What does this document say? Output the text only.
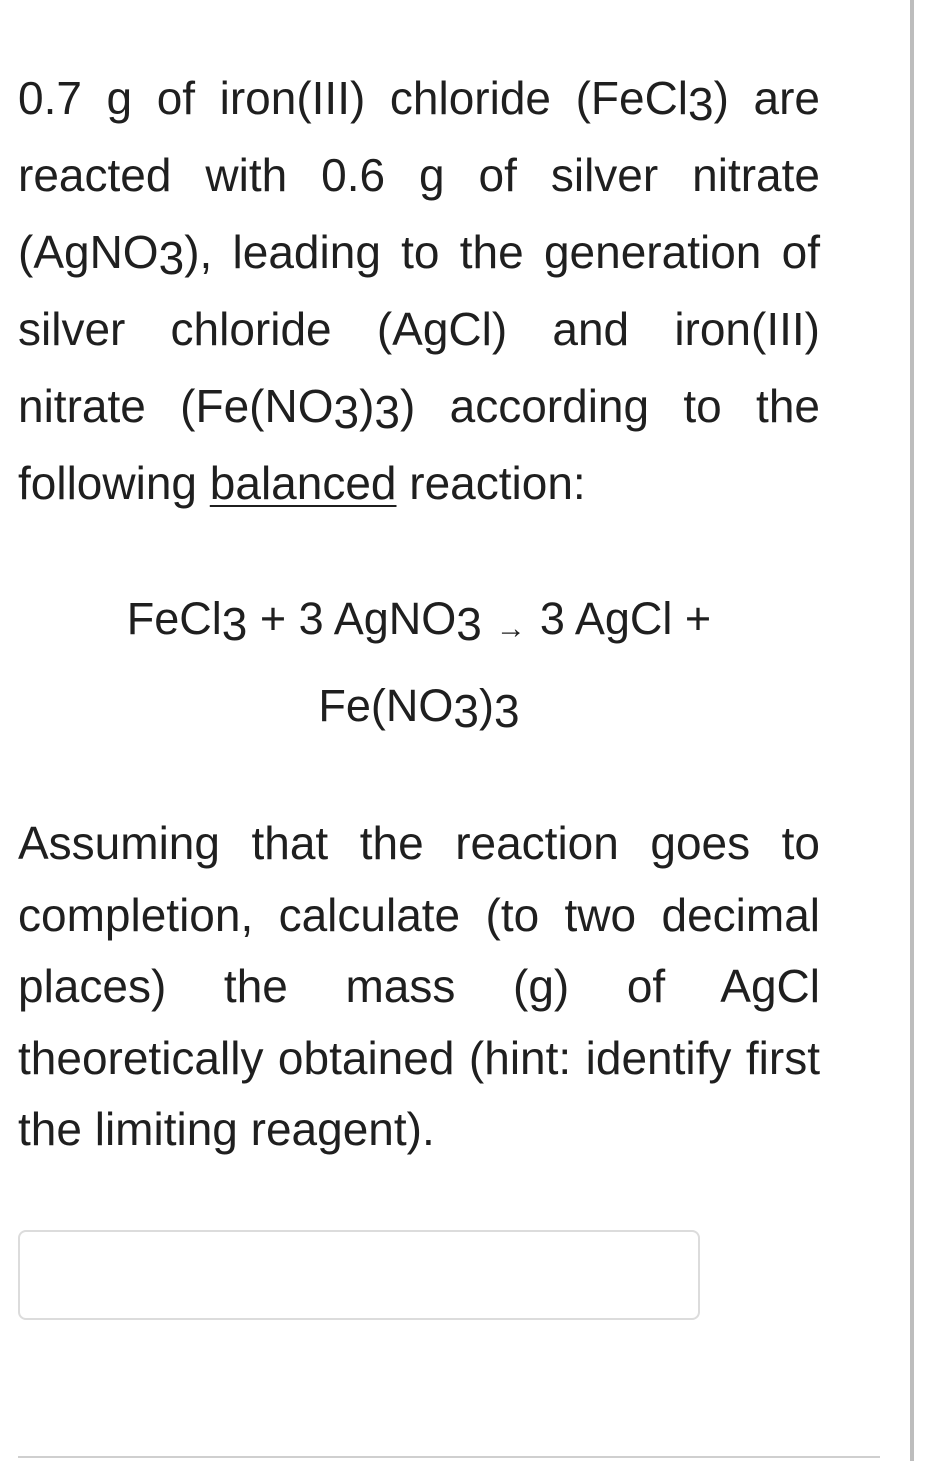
0.7 g of iron(III) chloride (FeCl3) are reacted with 0.6 g of silver nitrate (AgNO3), leading to the generation of silver chloride (AgCl) and iron(III) nitrate (Fe(NO3)3) according to the following balanced reaction:

Assuming that the reaction goes to completion, calculate (to two decimal places) the mass (g) of AgCl theoretically obtained (hint: identify first the limiting reagent).

FeCl3 + 3 AgNO3 → 3 AgCl +
Fe(NO3)3
